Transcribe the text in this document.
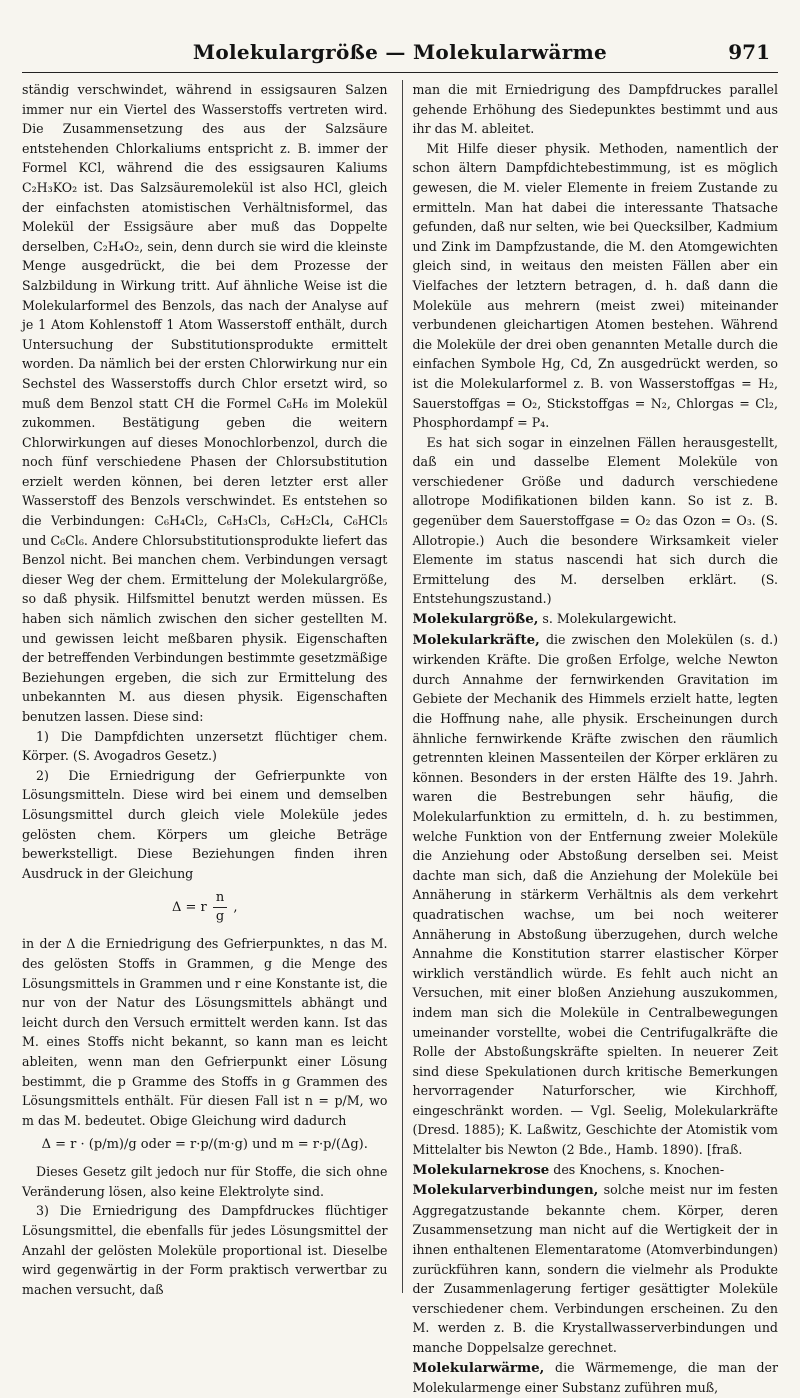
Molekulargröße — Molekularwärme	971

ständig verschwindet, während in essigsauren Salzen immer nur ein Viertel des Wasserstoffs vertreten wird. Die Zusammensetzung des aus der Salzsäure entstehenden Chlorkaliums entspricht z. B. immer der Formel KCl, während die des essigsauren Kaliums C₂H₃KO₂ ist. Das Salzsäuremolekül ist also HCl, gleich der einfachsten atomistischen Verhältnisformel, das Molekül der Essigsäure aber muß das Doppelte derselben, C₂H₄O₂, sein, denn durch sie wird die kleinste Menge ausgedrückt, die bei dem Prozesse der Salzbildung in Wirkung tritt. Auf ähnliche Weise ist die Molekularformel des Benzols, das nach der Analyse auf je 1 Atom Kohlenstoff 1 Atom Wasserstoff enthält, durch Untersuchung der Substitutionsprodukte ermittelt worden. Da nämlich bei der ersten Chlorwirkung nur ein Sechstel des Wasserstoffs durch Chlor ersetzt wird, so muß dem Benzol statt CH die Formel C₆H₆ im Molekül zukommen. Bestätigung geben die weitern Chlorwirkungen auf dieses Monochlorbenzol, durch die noch fünf verschiedene Phasen der Chlorsubstitution erzielt werden können, bei deren letzter erst aller Wasserstoff des Benzols verschwindet. Es entstehen so die Verbindungen: C₆H₄Cl₂, C₆H₃Cl₃, C₆H₂Cl₄, C₆HCl₅ und C₆Cl₆. Andere Chlorsubstitutionsprodukte liefert das Benzol nicht. Bei manchen chem. Verbindungen versagt dieser Weg der chem. Ermittelung der Molekulargröße, so daß physik. Hilfsmittel benutzt werden müssen. Es haben sich nämlich zwischen den sicher gestellten M. und gewissen leicht meßbaren physik. Eigenschaften der betreffenden Verbindungen bestimmte gesetzmäßige Beziehungen ergeben, die sich zur Ermittelung des unbekannten M. aus diesen physik. Eigenschaften benutzen lassen. Diese sind:

1) Die Dampfdichten unzersetzt flüchtiger chem. Körper. (S. Avogadros Gesetz.)

2) Die Erniedrigung der Gefrierpunkte von Lösungsmitteln. Diese wird bei einem und demselben Lösungsmittel durch gleich viele Moleküle jedes gelösten chem. Körpers um gleiche Beträge bewerkstelligt. Diese Beziehungen finden ihren Ausdruck in der Gleichung

Δ = r $\frac{n}{g}$ ,

in der Δ die Erniedrigung des Gefrierpunktes, n das M. des gelösten Stoffs in Grammen, g die Menge des Lösungsmittels in Grammen und r eine Konstante ist, die nur von der Natur des Lösungsmittels abhängt und leicht durch den Versuch ermittelt werden kann. Ist das M. eines Stoffs nicht bekannt, so kann man es leicht ableiten, wenn man den Gefrierpunkt einer Lösung bestimmt, die p Gramme des Stoffs in g Grammen des Lösungsmittels enthält. Für diesen Fall ist n = p/M, wo m das M. bedeutet. Obige Gleichung wird dadurch

Δ = r · (p/m)/g oder = r·p/(m·g) und m = r·p/(Δg).

Dieses Gesetz gilt jedoch nur für Stoffe, die sich ohne Veränderung lösen, also keine Elektrolyte sind.

3) Die Erniedrigung des Dampfdruckes flüchtiger Lösungsmittel, die ebenfalls für jedes Lösungsmittel der Anzahl der gelösten Moleküle proportional ist. Dieselbe wird gegenwärtig in der Form praktisch verwertbar zu machen versucht, daß

man die mit Erniedrigung des Dampfdruckes parallel gehende Erhöhung des Siedepunktes bestimmt und aus ihr das M. ableitet.

Mit Hilfe dieser physik. Methoden, namentlich der schon ältern Dampfdichtebestimmung, ist es möglich gewesen, die M. vieler Elemente in freiem Zustande zu ermitteln. Man hat dabei die interessante Thatsache gefunden, daß nur selten, wie bei Quecksilber, Kadmium und Zink im Dampfzustande, die M. den Atomgewichten gleich sind, in weitaus den meisten Fällen aber ein Vielfaches der letztern betragen, d. h. daß dann die Moleküle aus mehrern (meist zwei) miteinander verbundenen gleichartigen Atomen bestehen. Während die Moleküle der drei oben genannten Metalle durch die einfachen Symbole Hg, Cd, Zn ausgedrückt werden, so ist die Molekularformel z. B. von Wasserstoffgas = H₂, Sauerstoffgas = O₂, Stickstoffgas = N₂, Chlorgas = Cl₂, Phosphordampf = P₄.

Es hat sich sogar in einzelnen Fällen herausgestellt, daß ein und dasselbe Element Moleküle von verschiedener Größe und dadurch verschiedene allotrope Modifikationen bilden kann. So ist z. B. gegenüber dem Sauerstoffgase = O₂ das Ozon = O₃. (S. Allotropie.) Auch die besondere Wirksamkeit vieler Elemente im status nascendi hat sich durch die Ermittelung des M. derselben erklärt. (S. Entstehungszustand.)

Molekulargröße, s. Molekulargewicht.

Molekularkräfte, die zwischen den Molekülen (s. d.) wirkenden Kräfte. Die großen Erfolge, welche Newton durch Annahme der fernwirkenden Gravitation im Gebiete der Mechanik des Himmels erzielt hatte, legten die Hoffnung nahe, alle physik. Erscheinungen durch ähnliche fernwirkende Kräfte zwischen den räumlich getrennten kleinen Massenteilen der Körper erklären zu können. Besonders in der ersten Hälfte des 19. Jahrh. waren die Bestrebungen sehr häufig, die Molekularfunktion zu ermitteln, d. h. zu bestimmen, welche Funktion von der Entfernung zweier Moleküle die Anziehung oder Abstoßung derselben sei. Meist dachte man sich, daß die Anziehung der Moleküle bei Annäherung in stärkerm Verhältnis als dem verkehrt quadratischen wachse, um bei noch weiterer Annäherung in Abstoßung überzugehen, durch welche Annahme die Konstitution starrer elastischer Körper wirklich verständlich würde. Es fehlt auch nicht an Versuchen, mit einer bloßen Anziehung auszukommen, indem man sich die Moleküle in Centralbewegungen umeinander vorstellte, wobei die Centrifugalkräfte die Rolle der Abstoßungskräfte spielten. In neuerer Zeit sind diese Spekulationen durch kritische Bemerkungen hervorragender Naturforscher, wie Kirchhoff, eingeschränkt worden. — Vgl. Seelig, Molekularkräfte (Dresd. 1885); K. Laßwitz, Geschichte der Atomistik vom Mittelalter bis Newton (2 Bde., Hamb. 1890). [fraß.

Molekularnekrose des Knochens, s. Knochen-

Molekularverbindungen, solche meist nur im festen Aggregatzustande bekannte chem. Körper, deren Zusammensetzung man nicht auf die Wertigkeit der in ihnen enthaltenen Elementaratome (Atomverbindungen) zurückführen kann, sondern die vielmehr als Produkte der Zusammenlagerung fertiger gesättigter Moleküle verschiedener chem. Verbindungen erscheinen. Zu den M. werden z. B. die Krystallwasserverbindungen und manche Doppelsalze gerechnet.

Molekularwärme, die Wärmemenge, die man der Molekularmenge einer Substanz zuführen muß,
